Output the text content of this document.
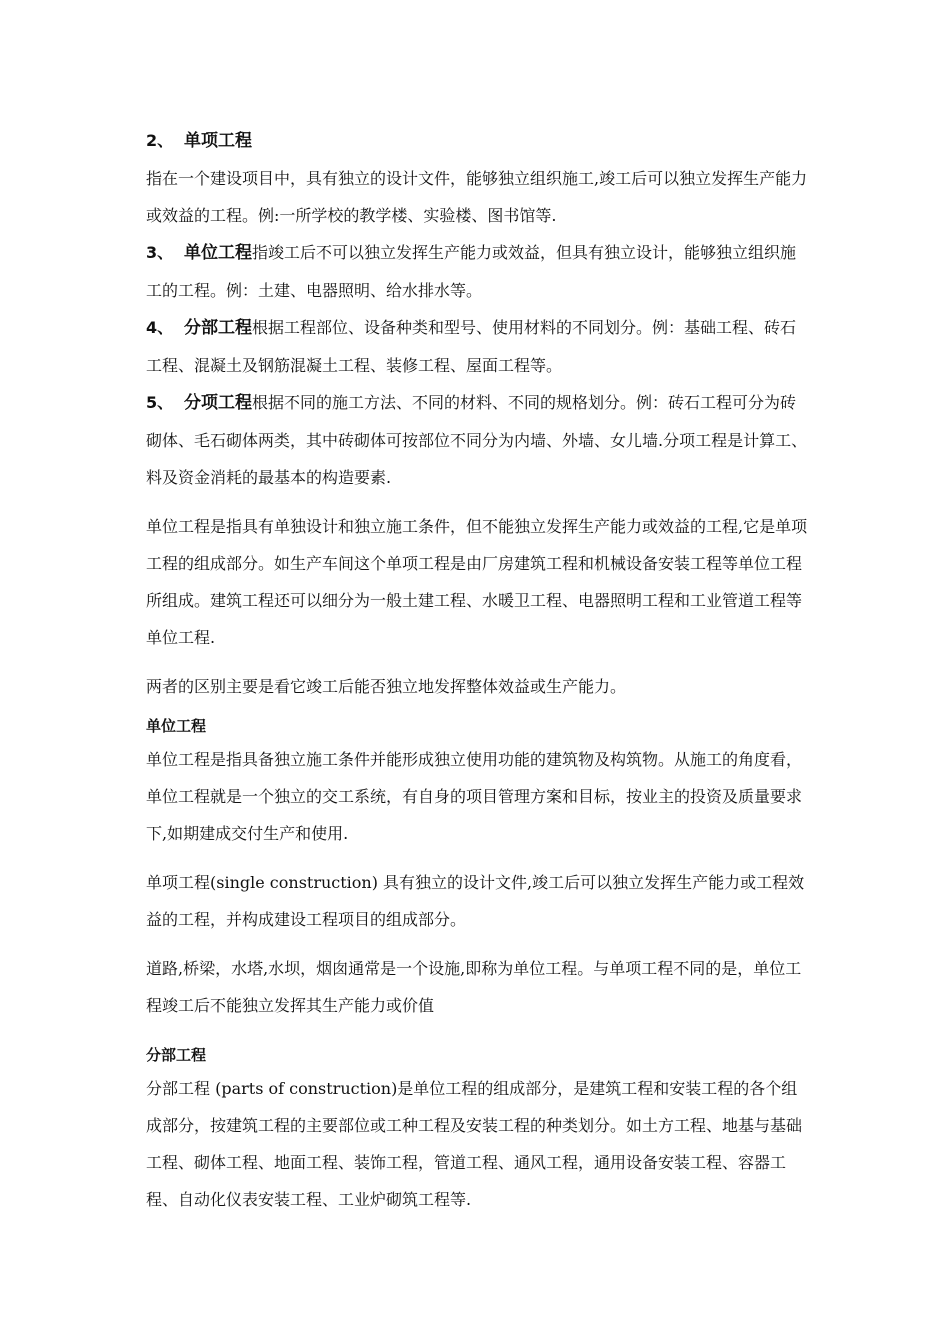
2、 单项工程

指在一个建设项目中，具有独立的设计文件，能够独立组织施工,竣工后可以独立发挥生产能力或效益的工程。例:一所学校的教学楼、实验楼、图书馆等.

3、 单位工程指竣工后不可以独立发挥生产能力或效益，但具有独立设计，能够独立组织施工的工程。例：土建、电器照明、给水排水等。

4、 分部工程根据工程部位、设备种类和型号、使用材料的不同划分。例：基础工程、砖石工程、混凝土及钢筋混凝土工程、装修工程、屋面工程等。

5、 分项工程根据不同的施工方法、不同的材料、不同的规格划分。例：砖石工程可分为砖砌体、毛石砌体两类，其中砖砌体可按部位不同分为内墙、外墙、女儿墙.分项工程是计算工、料及资金消耗的最基本的构造要素.

单位工程是指具有单独设计和独立施工条件，但不能独立发挥生产能力或效益的工程,它是单项工程的组成部分。如生产车间这个单项工程是由厂房建筑工程和机械设备安装工程等单位工程所组成。建筑工程还可以细分为一般土建工程、水暖卫工程、电器照明工程和工业管道工程等单位工程.

两者的区别主要是看它竣工后能否独立地发挥整体效益或生产能力。

单位工程

单位工程是指具备独立施工条件并能形成独立使用功能的建筑物及构筑物。从施工的角度看，单位工程就是一个独立的交工系统，有自身的项目管理方案和目标，按业主的投资及质量要求下,如期建成交付生产和使用.

单项工程(single construction) 具有独立的设计文件,竣工后可以独立发挥生产能力或工程效益的工程，并构成建设工程项目的组成部分。

道路,桥梁，水塔,水坝，烟囱通常是一个设施,即称为单位工程。与单项工程不同的是，单位工程竣工后不能独立发挥其生产能力或价值

分部工程

分部工程 (parts of construction)是单位工程的组成部分，是建筑工程和安装工程的各个组成部分，按建筑工程的主要部位或工种工程及安装工程的种类划分。如土方工程、地基与基础工程、砌体工程、地面工程、装饰工程，管道工程、通风工程，通用设备安装工程、容器工程、自动化仪表安装工程、工业炉砌筑工程等.
